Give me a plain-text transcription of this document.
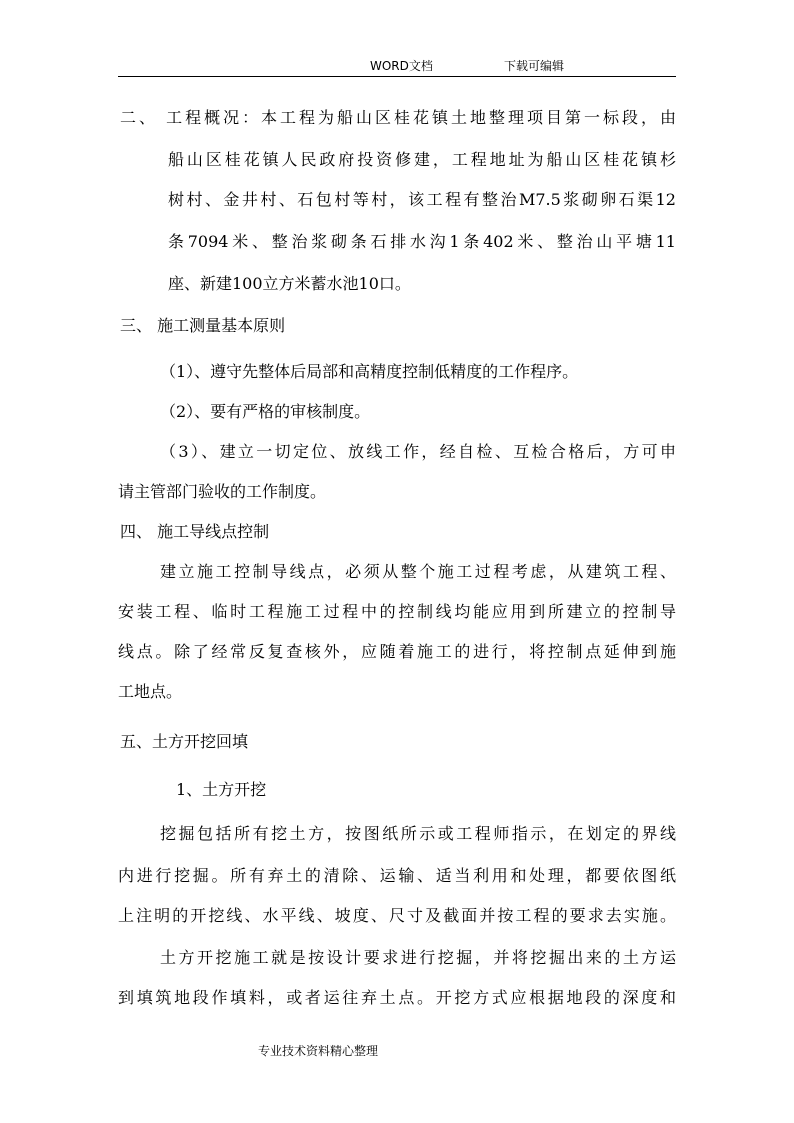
WORD文档	下载可编辑
二、 工程概况：本工程为船山区桂花镇土地整理项目第一标段，由
船山区桂花镇人民政府投资修建，工程地址为船山区桂花镇杉
树村、金井村、石包村等村，该工程有整治M7.5浆砌卵石渠12
条7094米、整治浆砌条石排水沟1条402米、整治山平塘11
座、新建100立方米蓄水池10口。
三、 施工测量基本原则
（1）、遵守先整体后局部和高精度控制低精度的工作程序。
（2）、要有严格的审核制度。
（3）、建立一切定位、放线工作，经自检、互检合格后，方可申
请主管部门验收的工作制度。
四、 施工导线点控制
建立施工控制导线点，必须从整个施工过程考虑，从建筑工程、
安装工程、临时工程施工过程中的控制线均能应用到所建立的控制导
线点。除了经常反复查核外，应随着施工的进行，将控制点延伸到施
工地点。
五、土方开挖回填
1、土方开挖
挖掘包括所有挖土方，按图纸所示或工程师指示，在划定的界线
内进行挖掘。所有弃土的清除、运输、适当利用和处理，都要依图纸
上注明的开挖线、水平线、坡度、尺寸及截面并按工程的要求去实施。
土方开挖施工就是按设计要求进行挖掘，并将挖掘出来的土方运
到填筑地段作填料，或者运往弃土点。开挖方式应根据地段的深度和
专业技术资料精心整理
